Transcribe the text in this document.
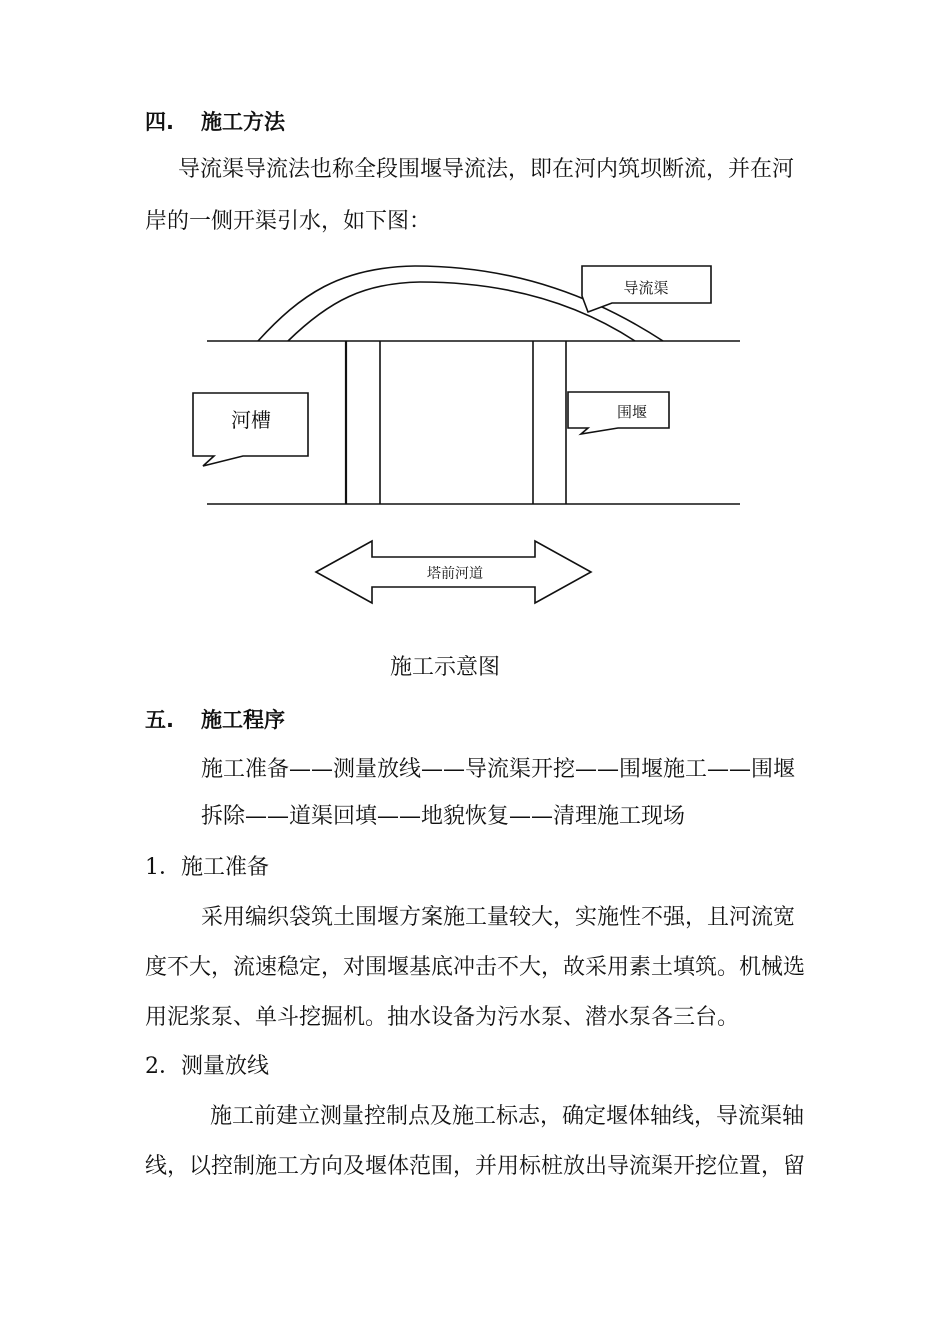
四. 施工方法
导流渠导流法也称全段围堰导流法，即在河内筑坝断流，并在河
岸的一侧开渠引水，如下图：
导流渠
河槽	围堰
塔前河道
施工示意图
五. 施工程序
施工准备——测量放线——导流渠开挖——围堰施工——围堰
拆除——道渠回填——地貌恢复——清理施工现场
1．施工准备
采用编织袋筑土围堰方案施工量较大，实施性不强，且河流宽
度不大，流速稳定，对围堰基底冲击不大，故采用素土填筑。机械选
用泥浆泵、单斗挖掘机。抽水设备为污水泵、潜水泵各三台。
2．测量放线
施工前建立测量控制点及施工标志，确定堰体轴线，导流渠轴
线，以控制施工方向及堰体范围，并用标桩放出导流渠开挖位置，留
